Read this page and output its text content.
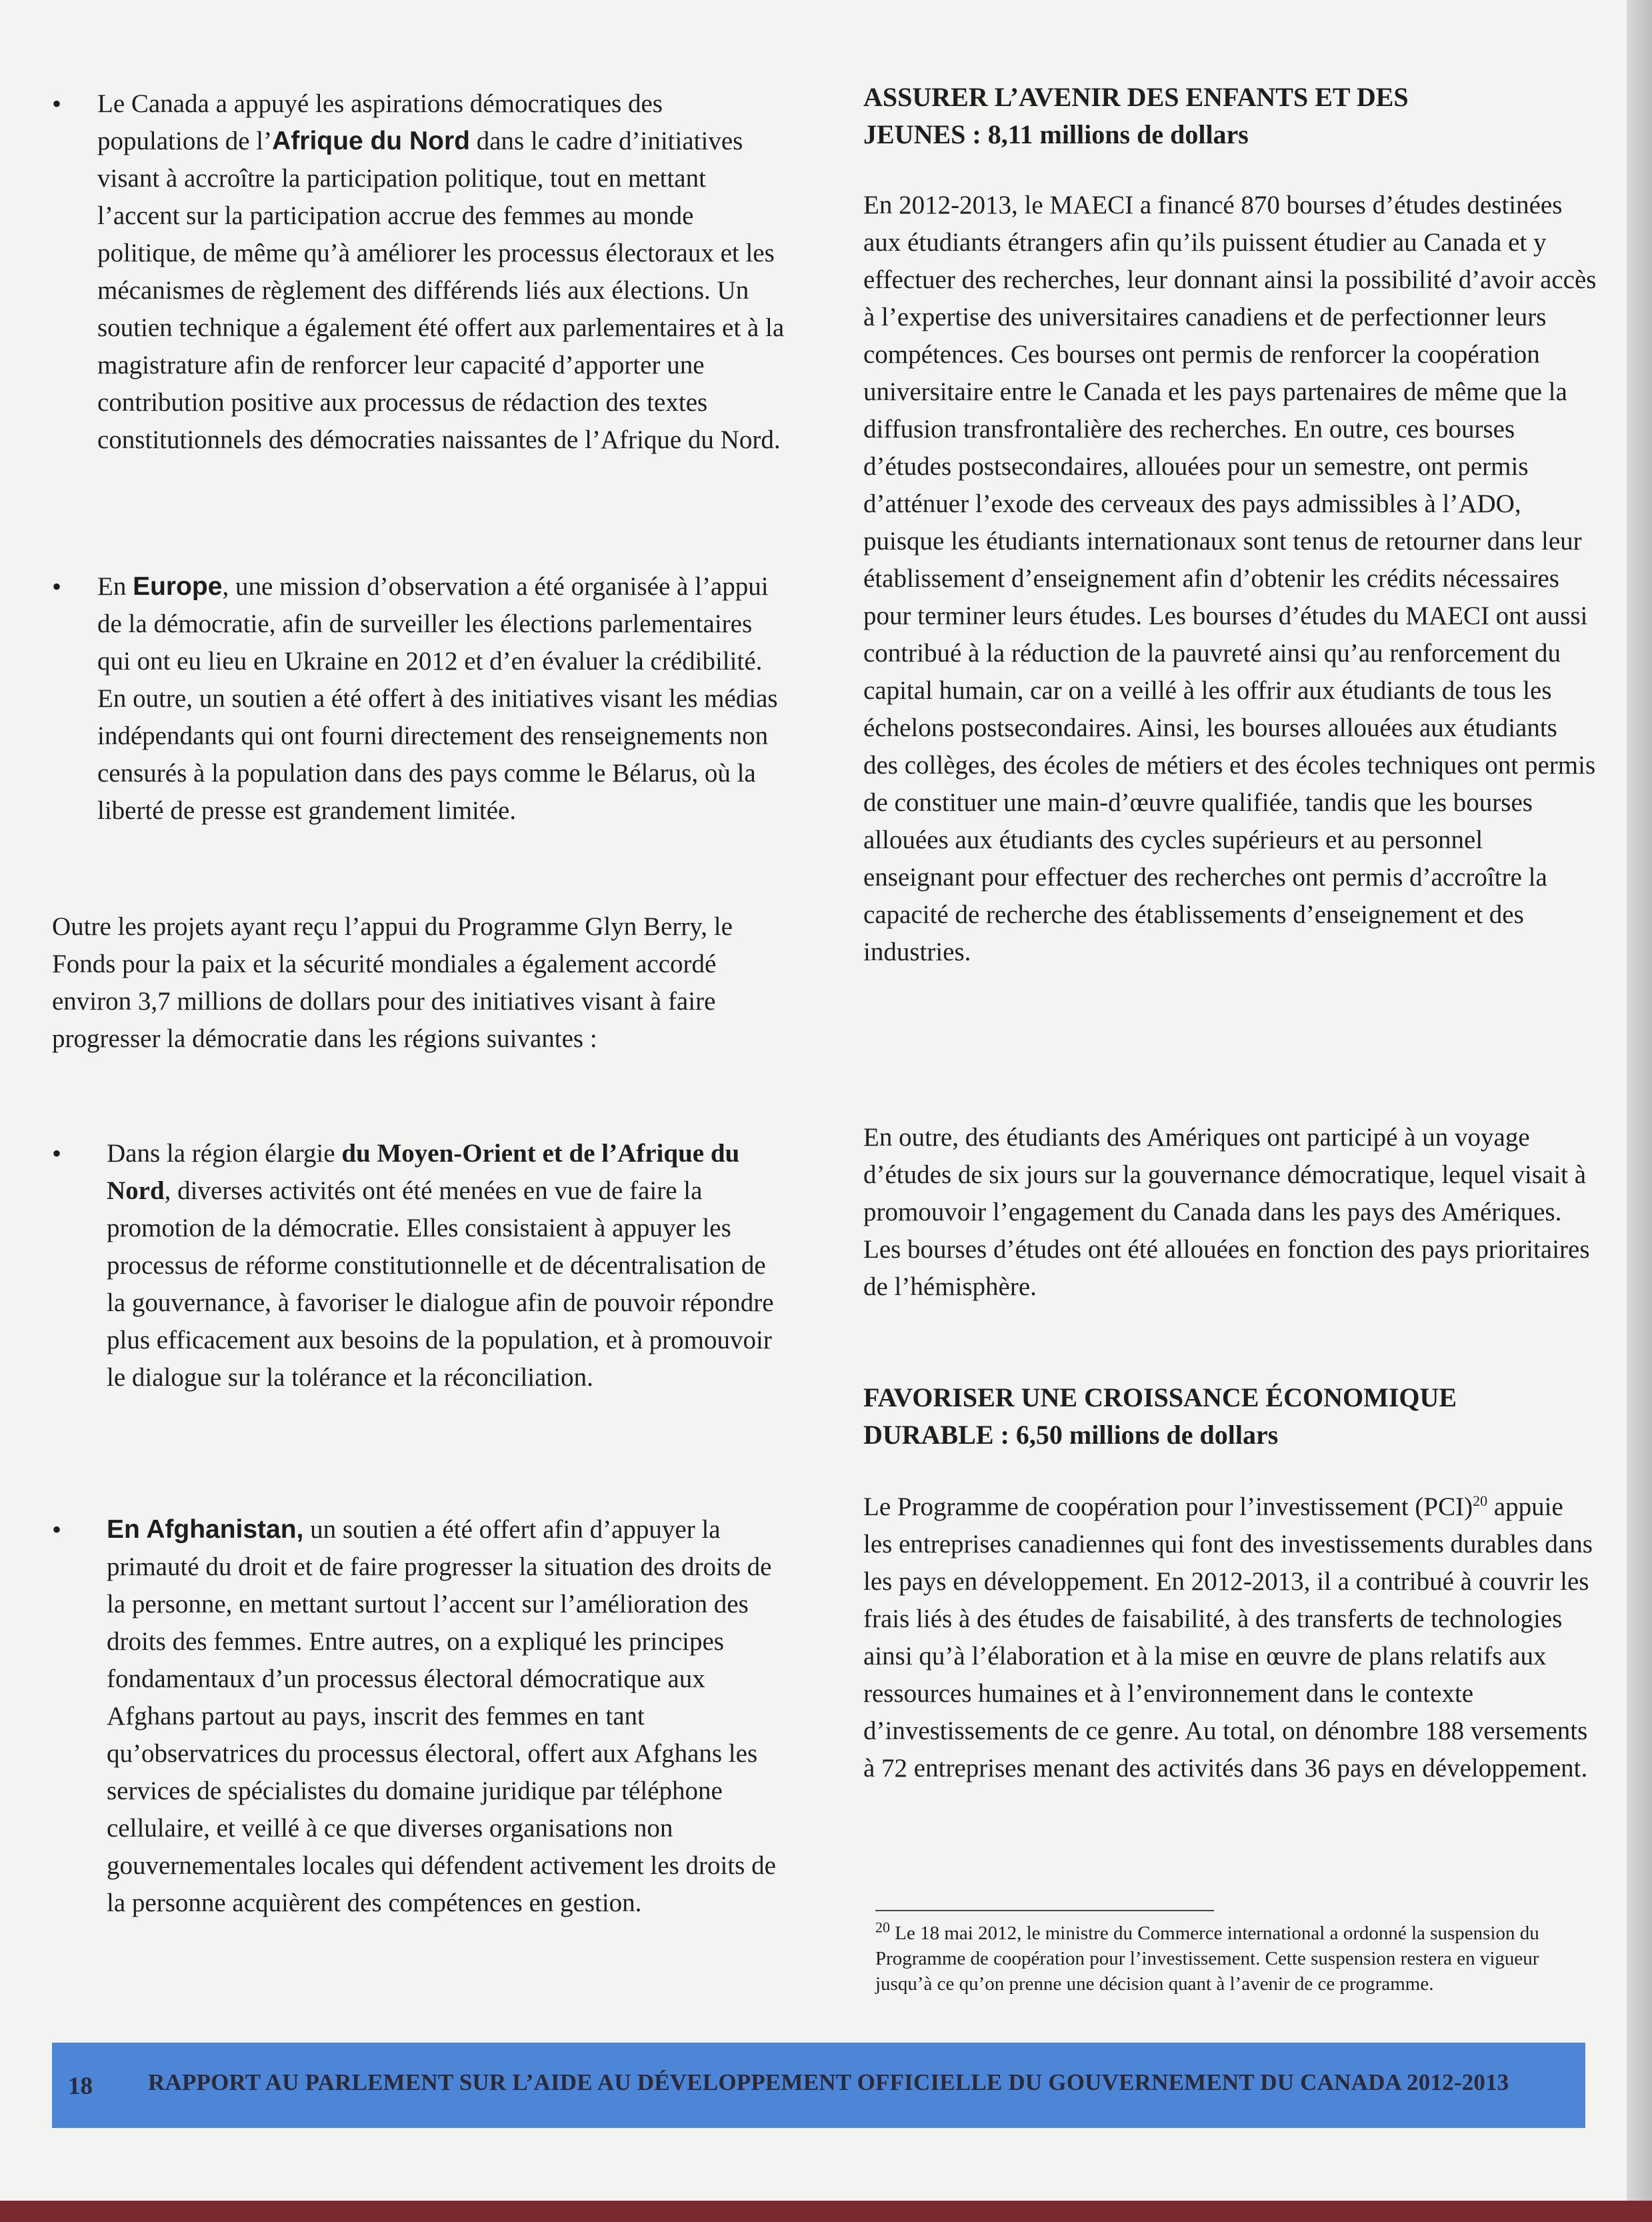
• Le Canada a appuyé les aspirations démocratiques des populations de l’Afrique du Nord dans le cadre d’initiatives visant à accroître la participation politique, tout en mettant l’accent sur la participation accrue des femmes au monde politique, de même qu’à améliorer les processus électoraux et les mécanismes de règlement des différends liés aux élections. Un soutien technique a également été offert aux parlementaires et à la magistrature afin de renforcer leur capacité d’apporter une contribution positive aux processus de rédaction des textes constitutionnels des démocraties naissantes de l’Afrique du Nord.

• En Europe, une mission d’observation a été organisée à l’appui de la démocratie, afin de surveiller les élections parlementaires qui ont eu lieu en Ukraine en 2012 et d’en évaluer la crédibilité. En outre, un soutien a été offert à des initiatives visant les médias indépendants qui ont fourni directement des renseignements non censurés à la population dans des pays comme le Bélarus, où la liberté de presse est grandement limitée.

Outre les projets ayant reçu l’appui du Programme Glyn Berry, le Fonds pour la paix et la sécurité mondiales a également accordé environ 3,7 millions de dollars pour des initiatives visant à faire progresser la démocratie dans les régions suivantes :

• Dans la région élargie du Moyen-Orient et de l’Afrique du Nord, diverses activités ont été menées en vue de faire la promotion de la démocratie. Elles consistaient à appuyer les processus de réforme constitutionnelle et de décentralisation de la gouvernance, à favoriser le dialogue afin de pouvoir répondre plus efficacement aux besoins de la population, et à promouvoir le dialogue sur la tolérance et la réconciliation.

• En Afghanistan, un soutien a été offert afin d’appuyer la primauté du droit et de faire progresser la situation des droits de la personne, en mettant surtout l’accent sur l’amélioration des droits des femmes. Entre autres, on a expliqué les principes fondamentaux d’un processus électoral démocratique aux Afghans partout au pays, inscrit des femmes en tant qu’observatrices du processus électoral, offert aux Afghans les services de spécialistes du domaine juridique par téléphone cellulaire, et veillé à ce que diverses organisations non gouvernementales locales qui défendent activement les droits de la personne acquièrent des compétences en gestion.

ASSURER L’AVENIR DES ENFANTS ET DES
JEUNES : 8,11 millions de dollars

En 2012-2013, le MAECI a financé 870 bourses d’études destinées aux étudiants étrangers afin qu’ils puissent étudier au Canada et y effectuer des recherches, leur donnant ainsi la possibilité d’avoir accès à l’expertise des universitaires canadiens et de perfectionner leurs compétences. Ces bourses ont permis de renforcer la coopération universitaire entre le Canada et les pays partenaires de même que la diffusion transfrontalière des recherches. En outre, ces bourses d’études postsecondaires, allouées pour un semestre, ont permis d’atténuer l’exode des cerveaux des pays admissibles à l’ADO, puisque les étudiants internationaux sont tenus de retourner dans leur établissement d’enseignement afin d’obtenir les crédits nécessaires pour terminer leurs études. Les bourses d’études du MAECI ont aussi contribué à la réduction de la pauvreté ainsi qu’au renforcement du capital humain, car on a veillé à les offrir aux étudiants de tous les échelons postsecondaires. Ainsi, les bourses allouées aux étudiants des collèges, des écoles de métiers et des écoles techniques ont permis de constituer une main-d’œuvre qualifiée, tandis que les bourses allouées aux étudiants des cycles supérieurs et au personnel enseignant pour effectuer des recherches ont permis d’accroître la capacité de recherche des établissements d’enseignement et des industries.

En outre, des étudiants des Amériques ont participé à un voyage d’études de six jours sur la gouvernance démocratique, lequel visait à promouvoir l’engagement du Canada dans les pays des Amériques. Les bourses d’études ont été allouées en fonction des pays prioritaires de l’hémisphère.

FAVORISER UNE CROISSANCE ÉCONOMIQUE
DURABLE : 6,50 millions de dollars

Le Programme de coopération pour l’investissement (PCI)$^{20}$ appuie les entreprises canadiennes qui font des investissements durables dans les pays en développement. En 2012-2013, il a contribué à couvrir les frais liés à des études de faisabilité, à des transferts de technologies ainsi qu’à l’élaboration et à la mise en œuvre de plans relatifs aux ressources humaines et à l’environnement dans le contexte d’investissements de ce genre. Au total, on dénombre 188 versements à 72 entreprises menant des activités dans 36 pays en développement.

$^{20}$ Le 18 mai 2012, le ministre du Commerce international a ordonné la suspension du Programme de coopération pour l’investissement. Cette suspension restera en vigueur jusqu’à ce qu’on prenne une décision quant à l’avenir de ce programme.
18 RAPPORT AU PARLEMENT SUR L’AIDE AU DÉVELOPPEMENT OFFICIELLE DU GOUVERNEMENT DU CANADA 2012-2013
